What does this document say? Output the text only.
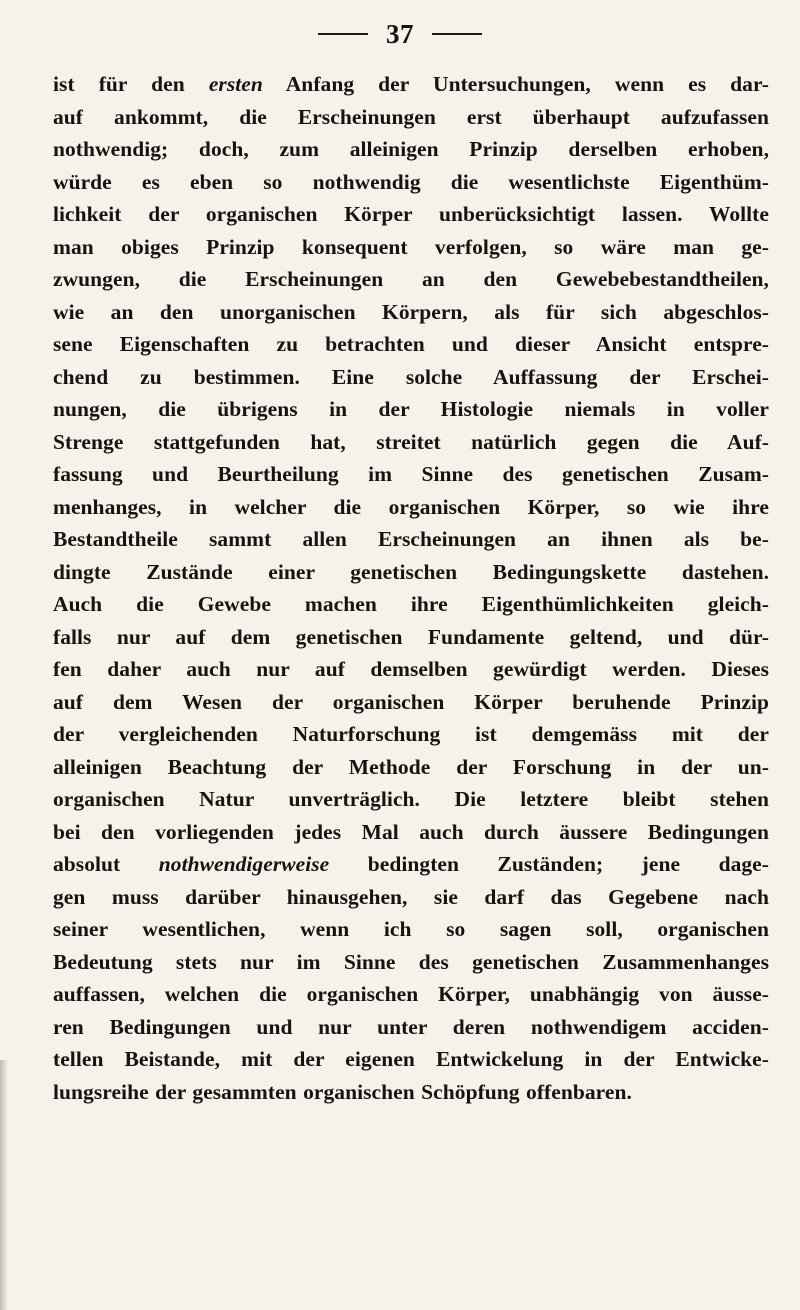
37
ist für den ersten Anfang der Untersuchungen, wenn es dar-
auf ankommt, die Erscheinungen erst überhaupt aufzufassen
nothwendig; doch, zum alleinigen Prinzip derselben erhoben,
würde es eben so nothwendig die wesentlichste Eigenthüm-
lichkeit der organischen Körper unberücksichtigt lassen. Wollte
man obiges Prinzip konsequent verfolgen, so wäre man ge-
zwungen, die Erscheinungen an den Gewebebestandtheilen,
wie an den unorganischen Körpern, als für sich abgeschlos-
sene Eigenschaften zu betrachten und dieser Ansicht entspre-
chend zu bestimmen. Eine solche Auffassung der Erschei-
nungen, die übrigens in der Histologie niemals in voller
Strenge stattgefunden hat, streitet natürlich gegen die Auf-
fassung und Beurtheilung im Sinne des genetischen Zusam-
menhanges, in welcher die organischen Körper, so wie ihre
Bestandtheile sammt allen Erscheinungen an ihnen als be-
dingte Zustände einer genetischen Bedingungskette dastehen.
Auch die Gewebe machen ihre Eigenthümlichkeiten gleich-
falls nur auf dem genetischen Fundamente geltend, und dür-
fen daher auch nur auf demselben gewürdigt werden. Dieses
auf dem Wesen der organischen Körper beruhende Prinzip
der vergleichenden Naturforschung ist demgemäss mit der
alleinigen Beachtung der Methode der Forschung in der un-
organischen Natur unverträglich. Die letztere bleibt stehen
bei den vorliegenden jedes Mal auch durch äussere Bedingungen
absolut nothwendigerweise bedingten Zuständen; jene dage-
gen muss darüber hinausgehen, sie darf das Gegebene nach
seiner wesentlichen, wenn ich so sagen soll, organischen
Bedeutung stets nur im Sinne des genetischen Zusammenhanges
auffassen, welchen die organischen Körper, unabhängig von äusse-
ren Bedingungen und nur unter deren nothwendigem acciden-
tellen Beistande, mit der eigenen Entwickelung in der Entwicke-
lungsreihe der gesammten organischen Schöpfung offenbaren.
